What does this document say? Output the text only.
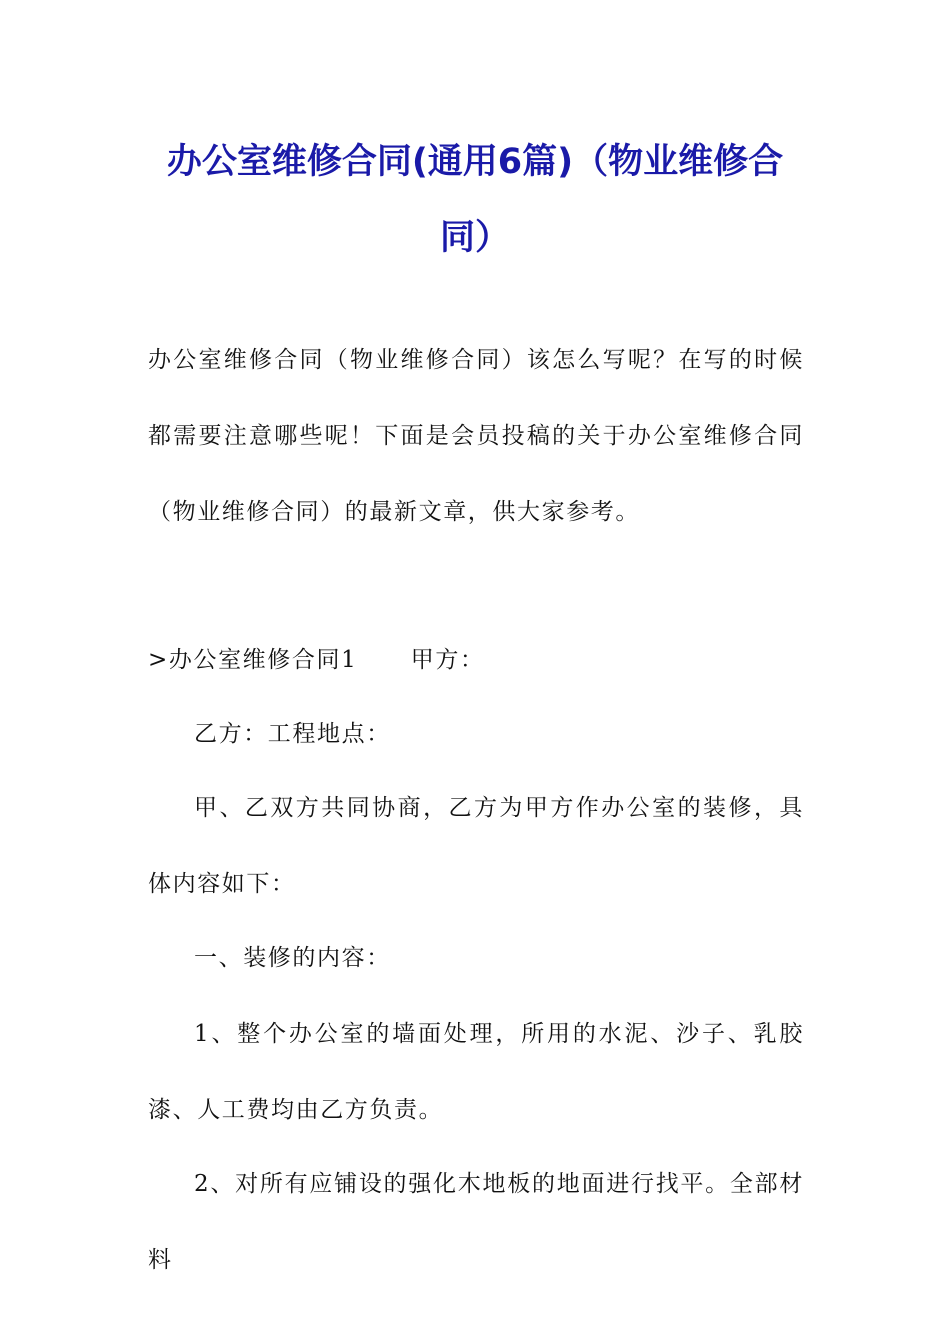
办公室维修合同(通用6篇)（物业维修合同）

办公室维修合同（物业维修合同）该怎么写呢？在写的时候都需要注意哪些呢！下面是会员投稿的关于办公室维修合同（物业维修合同）的最新文章，供大家参考。

>办公室维修合同1 甲方：

乙方：工程地点：

甲、乙双方共同协商，乙方为甲方作办公室的装修，具体内容如下：

一、装修的内容：

1、整个办公室的墙面处理，所用的水泥、沙子、乳胶漆、人工费均由乙方负责。

2、对所有应铺设的强化木地板的地面进行找平。全部材料
